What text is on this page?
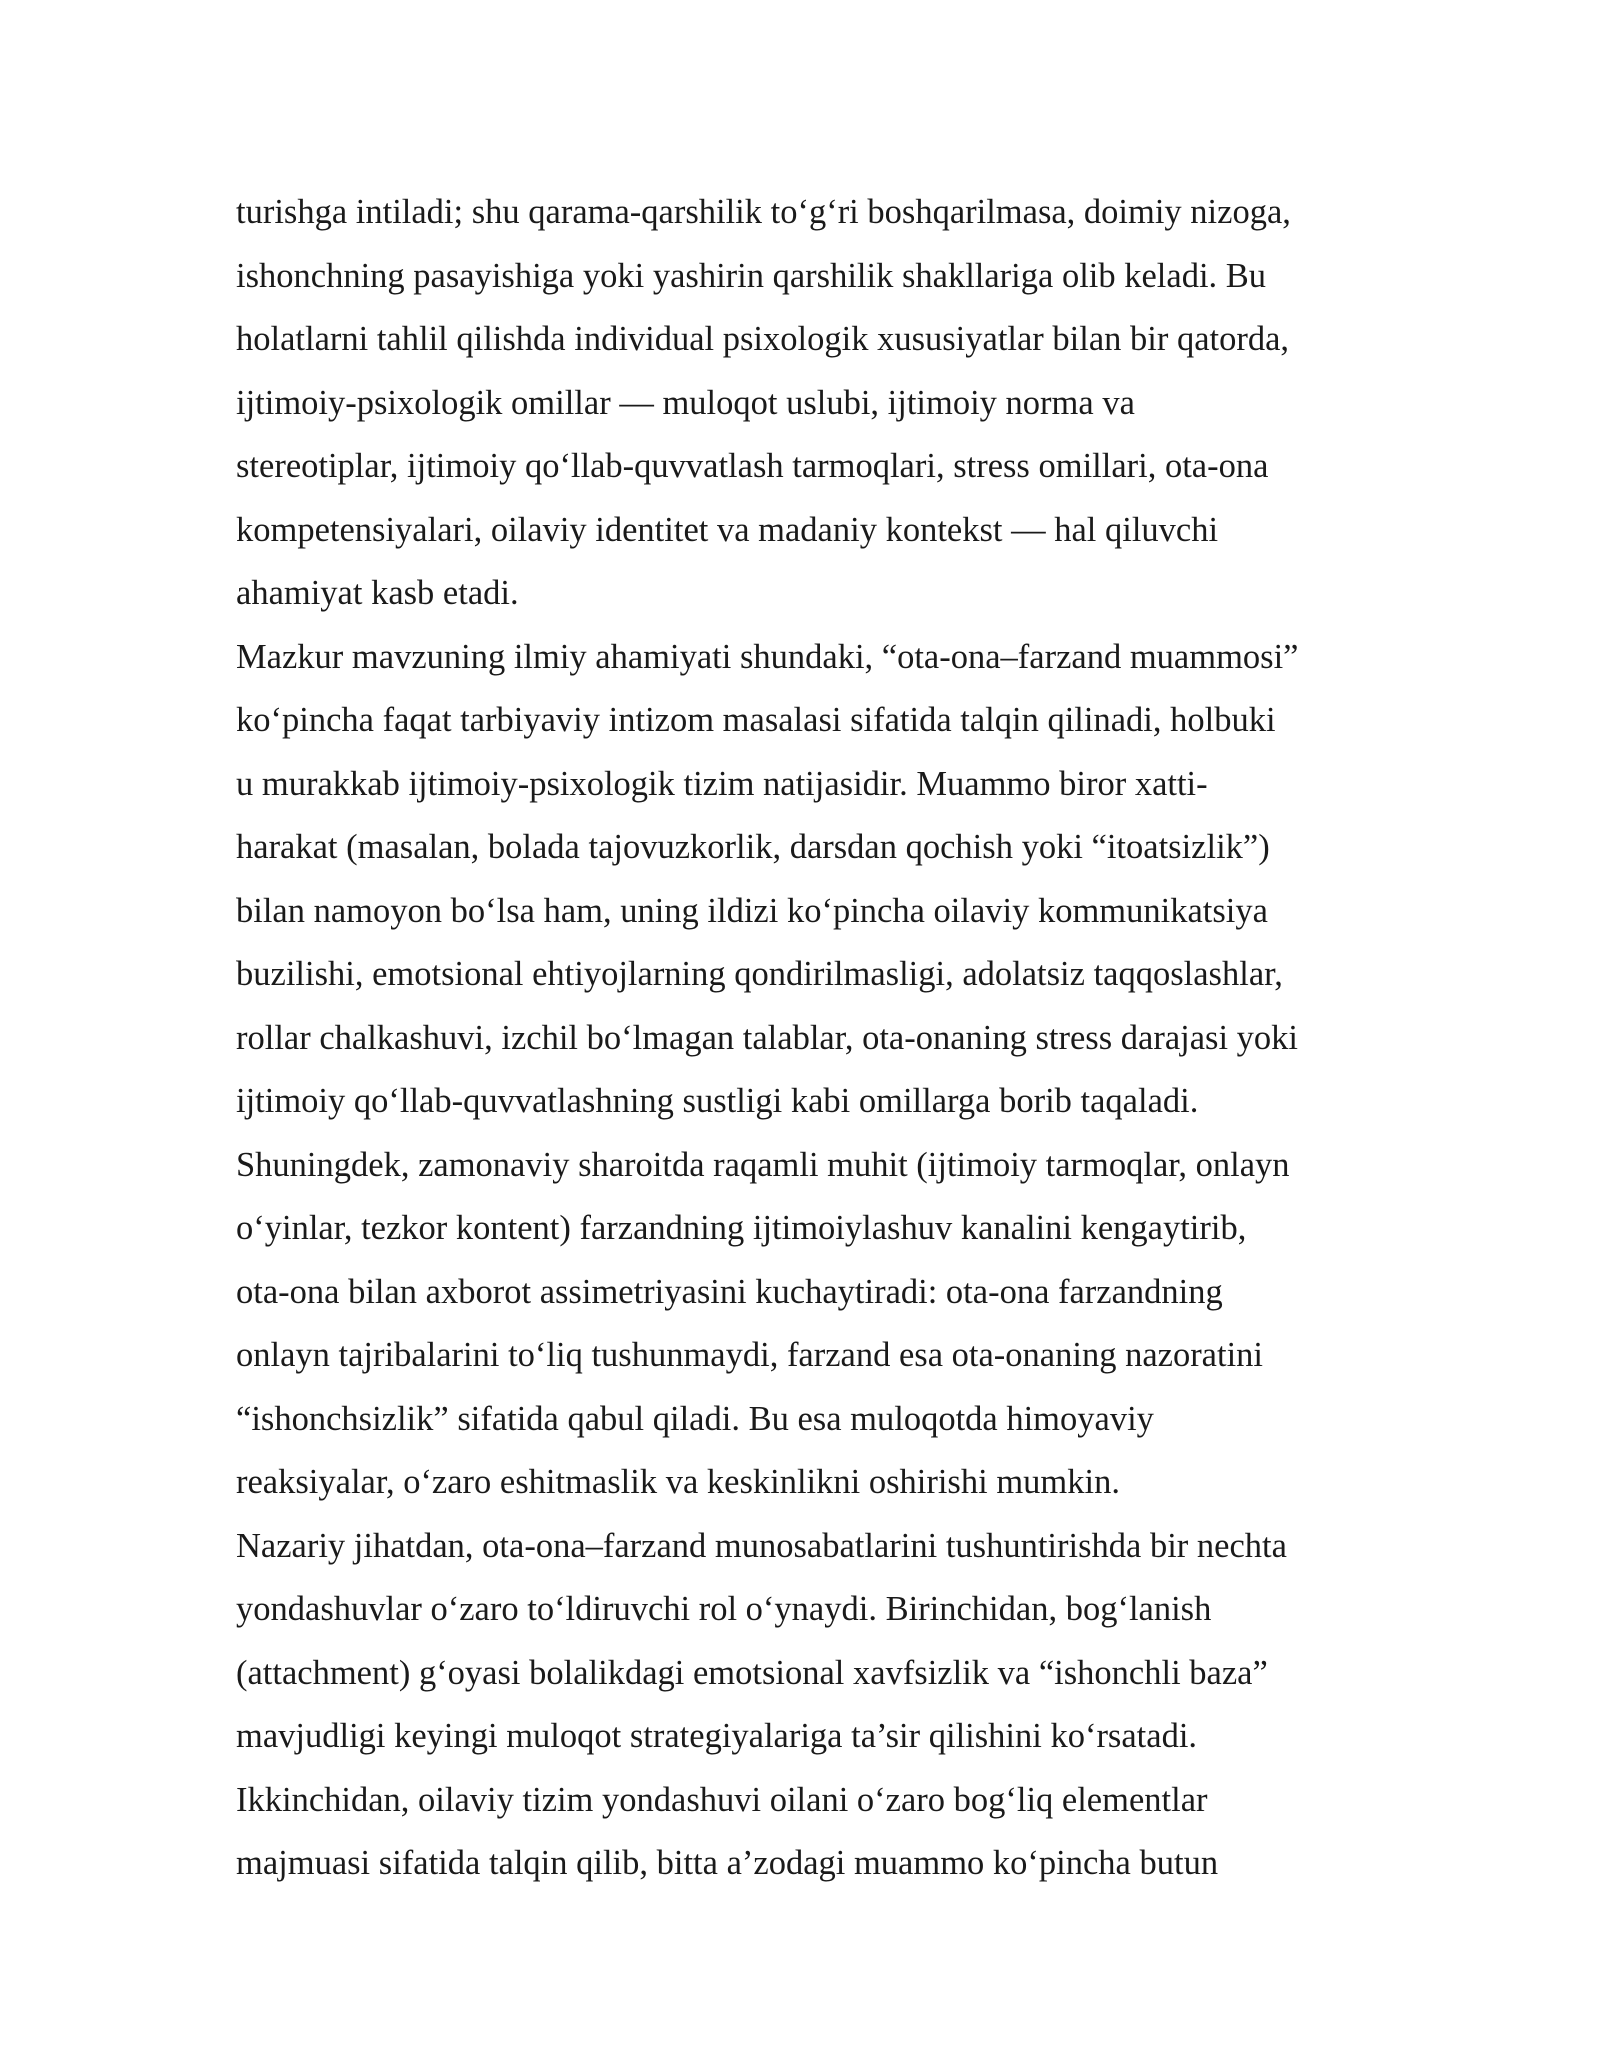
turishga intiladi; shu qarama-qarshilik to‘g‘ri boshqarilmasa, doimiy nizoga,
ishonchning pasayishiga yoki yashirin qarshilik shakllariga olib keladi. Bu
holatlarni tahlil qilishda individual psixologik xususiyatlar bilan bir qatorda,
ijtimoiy-psixologik omillar — muloqot uslubi, ijtimoiy norma va
stereotiplar, ijtimoiy qo‘llab-quvvatlash tarmoqlari, stress omillari, ota-ona
kompetensiyalari, oilaviy identitet va madaniy kontekst — hal qiluvchi
ahamiyat kasb etadi.
Mazkur mavzuning ilmiy ahamiyati shundaki, “ota-ona–farzand muammosi”
ko‘pincha faqat tarbiyaviy intizom masalasi sifatida talqin qilinadi, holbuki
u murakkab ijtimoiy-psixologik tizim natijasidir. Muammo biror xatti-
harakat (masalan, bolada tajovuzkorlik, darsdan qochish yoki “itoatsizlik”)
bilan namoyon bo‘lsa ham, uning ildizi ko‘pincha oilaviy kommunikatsiya
buzilishi, emotsional ehtiyojlarning qondirilmasligi, adolatsiz taqqoslashlar,
rollar chalkashuvi, izchil bo‘lmagan talablar, ota-onaning stress darajasi yoki
ijtimoiy qo‘llab-quvvatlashning sustligi kabi omillarga borib taqaladi.
Shuningdek, zamonaviy sharoitda raqamli muhit (ijtimoiy tarmoqlar, onlayn
o‘yinlar, tezkor kontent) farzandning ijtimoiylashuv kanalini kengaytirib,
ota-ona bilan axborot assimetriyasini kuchaytiradi: ota-ona farzandning
onlayn tajribalarini to‘liq tushunmaydi, farzand esa ota-onaning nazoratini
“ishonchsizlik” sifatida qabul qiladi. Bu esa muloqotda himoyaviy
reaksiyalar, o‘zaro eshitmaslik va keskinlikni oshirishi mumkin.
Nazariy jihatdan, ota-ona–farzand munosabatlarini tushuntirishda bir nechta
yondashuvlar o‘zaro to‘ldiruvchi rol o‘ynaydi. Birinchidan, bog‘lanish
(attachment) g‘oyasi bolalikdagi emotsional xavfsizlik va “ishonchli baza”
mavjudligi keyingi muloqot strategiyalariga ta’sir qilishini ko‘rsatadi.
Ikkinchidan, oilaviy tizim yondashuvi oilani o‘zaro bog‘liq elementlar
majmuasi sifatida talqin qilib, bitta a’zodagi muammo ko‘pincha butun
